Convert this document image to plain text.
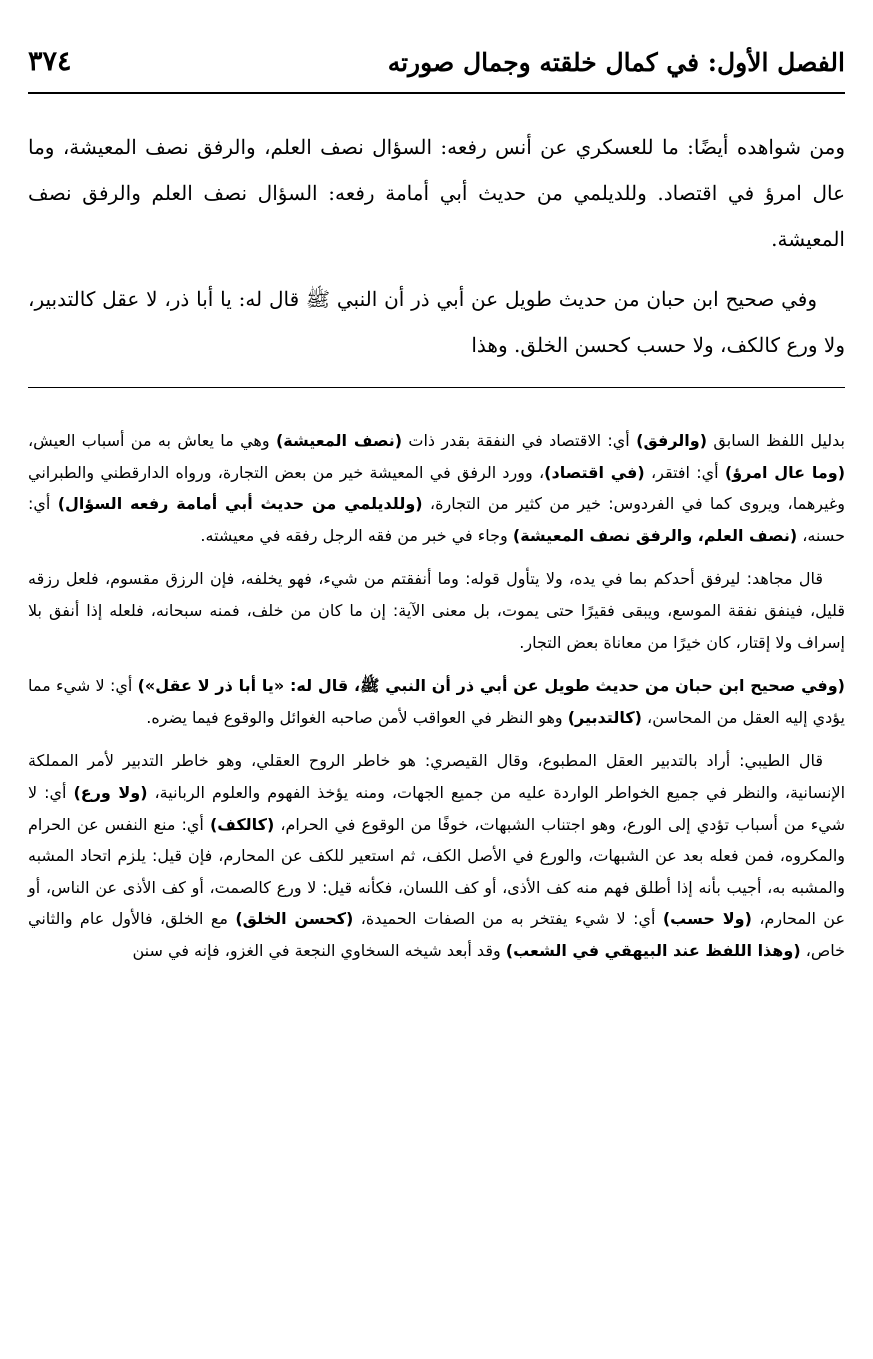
الفصل الأول: في كمال خلقته وجمال صورته
٣٧٤

ومن شواهده أيضًا: ما للعسكري عن أنس رفعه: السؤال نصف العلم، والرفق نصف المعيشة، وما عال امرؤ في اقتصاد. وللديلمي من حديث أبي أمامة رفعه: السؤال نصف العلم والرفق نصف المعيشة.

وفي صحيح ابن حبان من حديث طويل عن أبي ذر أن النبي ﷺ قال له: يا أبا ذر، لا عقل كالتدبير، ولا ورع كالكف، ولا حسب كحسن الخلق. وهذا

بدليل اللفظ السابق (والرفق) أي: الاقتصاد في النفقة بقدر ذات (نصف المعيشة) وهي ما يعاش به من أسباب العيش، (وما عال امرؤ) أي: افتقر، (في اقتصاد)، وورد الرفق في المعيشة خير من بعض التجارة، ورواه الدارقطني والطبراني وغيرهما، ويروى كما في الفردوس: خير من كثير من التجارة، (وللديلمي من حديث أبي أمامة رفعه السؤال) أي: حسنه، (نصف العلم، والرفق نصف المعيشة) وجاء في خبر من فقه الرجل رفقه في معيشته.

قال مجاهد: ليرفق أحدكم بما في يده، ولا يتأول قوله: وما أنفقتم من شيء، فهو يخلفه، فإن الرزق مقسوم، فلعل رزقه قليل، فينفق نفقة الموسع، ويبقى فقيرًا حتى يموت، بل معنى الآية: إن ما كان من خلف، فمنه سبحانه، فلعله إذا أنفق بلا إسراف ولا إقتار، كان خيرًا من معاناة بعض التجار.

(وفي صحيح ابن حبان من حديث طويل عن أبي ذر أن النبي ﷺ، قال له: «يا أبا ذر لا عقل») أي: لا شيء مما يؤدي إليه العقل من المحاسن، (كالتدبير) وهو النظر في العواقب لأمن صاحبه الغوائل والوقوع فيما يضره.

قال الطيبي: أراد بالتدبير العقل المطبوع، وقال القيصري: هو خاطر الروح العقلي، وهو خاطر التدبير لأمر المملكة الإنسانية، والنظر في جميع الخواطر الواردة عليه من جميع الجهات، ومنه يؤخذ الفهوم والعلوم الربانية، (ولا ورع) أي: لا شيء من أسباب تؤدي إلى الورع، وهو اجتناب الشبهات، خوفًا من الوقوع في الحرام، (كالكف) أي: منع النفس عن الحرام والمكروه، فمن فعله بعد عن الشبهات، والورع في الأصل الكف، ثم استعير للكف عن المحارم، فإن قيل: يلزم اتحاد المشبه والمشبه به، أجيب بأنه إذا أطلق فهم منه كف الأذى، أو كف اللسان، فكأنه قيل: لا ورع كالصمت، أو كف الأذى عن الناس، أو عن المحارم، (ولا حسب) أي: لا شيء يفتخر به من الصفات الحميدة، (كحسن الخلق) مع الخلق، فالأول عام والثاني خاص، (وهذا اللفظ عند البيهقي في الشعب) وقد أبعد شيخه السخاوي النجعة في الغزو، فإنه في سنن
